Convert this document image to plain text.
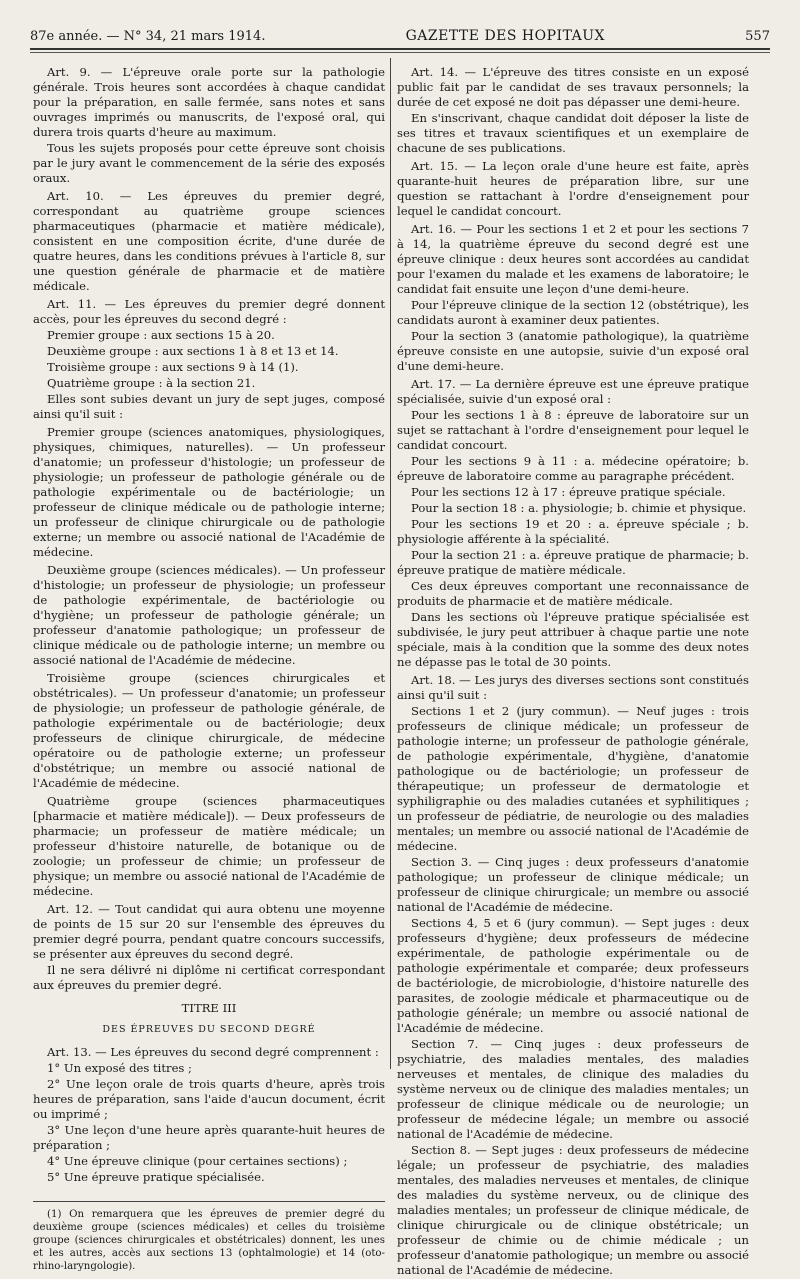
87e année. — N° 34, 21 mars 1914.	GAZETTE DES HOPITAUX	557

Art. 9. — L'épreuve orale porte sur la pathologie générale. Trois heures sont accordées à chaque candidat pour la préparation, en salle fermée, sans notes et sans ouvrages imprimés ou manuscrits, de l'exposé oral, qui durera trois quarts d'heure au maximum.

Tous les sujets proposés pour cette épreuve sont choisis par le jury avant le commencement de la série des exposés oraux.

Art. 10. — Les épreuves du premier degré, correspondant au quatrième groupe sciences pharmaceutiques (pharmacie et matière médicale), consistent en une composition écrite, d'une durée de quatre heures, dans les conditions prévues à l'article 8, sur une question générale de pharmacie et de matière médicale.

Art. 11. — Les épreuves du premier degré donnent accès, pour les épreuves du second degré :

Premier groupe : aux sections 15 à 20.

Deuxième groupe : aux sections 1 à 8 et 13 et 14.

Troisième groupe : aux sections 9 à 14 (1).

Quatrième groupe : à la section 21.

Elles sont subies devant un jury de sept juges, composé ainsi qu'il suit :

Premier groupe (sciences anatomiques, physiologiques, physiques, chimiques, naturelles). — Un professeur d'anatomie; un professeur d'histologie; un professeur de physiologie; un professeur de pathologie générale ou de pathologie expérimentale ou de bactériologie; un professeur de clinique médicale ou de pathologie interne; un professeur de clinique chirurgicale ou de pathologie externe; un membre ou associé national de l'Académie de médecine.

Deuxième groupe (sciences médicales). — Un professeur d'histologie; un professeur de physiologie; un professeur de pathologie expérimentale, de bactériologie ou d'hygiène; un professeur de pathologie générale; un professeur d'anatomie pathologique; un professeur de clinique médicale ou de pathologie interne; un membre ou associé national de l'Académie de médecine.

Troisième groupe (sciences chirurgicales et obstétricales). — Un professeur d'anatomie; un professeur de physiologie; un professeur de pathologie générale, de pathologie expérimentale ou de bactériologie; deux professeurs de clinique chirurgicale, de médecine opératoire ou de pathologie externe; un professeur d'obstétrique; un membre ou associé national de l'Académie de médecine.

Quatrième groupe (sciences pharmaceutiques [pharmacie et matière médicale]). — Deux professeurs de pharmacie; un professeur de matière médicale; un professeur d'histoire naturelle, de botanique ou de zoologie; un professeur de chimie; un professeur de physique; un membre ou associé national de l'Académie de médecine.

Art. 12. — Tout candidat qui aura obtenu une moyenne de points de 15 sur 20 sur l'ensemble des épreuves du premier degré pourra, pendant quatre concours successifs, se présenter aux épreuves du second degré.

Il ne sera délivré ni diplôme ni certificat correspondant aux épreuves du premier degré.

TITRE III

DES ÉPREUVES DU SECOND DEGRÉ

Art. 13. — Les épreuves du second degré comprennent :

1° Un exposé des titres ;

2° Une leçon orale de trois quarts d'heure, après trois heures de préparation, sans l'aide d'aucun document, écrit ou imprimé ;

3° Une leçon d'une heure après quarante-huit heures de préparation ;

4° Une épreuve clinique (pour certaines sections) ;

5° Une épreuve pratique spécialisée.

(1) On remarquera que les épreuves de premier degré du deuxième groupe (sciences médicales) et celles du troisième groupe (sciences chirurgicales et obstétricales) donnent, les unes et les autres, accès aux sections 13 (ophtalmologie) et 14 (oto-rhino-laryngologie).

Art. 14. — L'épreuve des titres consiste en un exposé public fait par le candidat de ses travaux personnels; la durée de cet exposé ne doit pas dépasser une demi-heure.

En s'inscrivant, chaque candidat doit déposer la liste de ses titres et travaux scientifiques et un exemplaire de chacune de ses publications.

Art. 15. — La leçon orale d'une heure est faite, après quarante-huit heures de préparation libre, sur une question se rattachant à l'ordre d'enseignement pour lequel le candidat concourt.

Art. 16. — Pour les sections 1 et 2 et pour les sections 7 à 14, la quatrième épreuve du second degré est une épreuve clinique : deux heures sont accordées au candidat pour l'examen du malade et les examens de laboratoire; le candidat fait ensuite une leçon d'une demi-heure.

Pour l'épreuve clinique de la section 12 (obstétrique), les candidats auront à examiner deux patientes.

Pour la section 3 (anatomie pathologique), la quatrième épreuve consiste en une autopsie, suivie d'un exposé oral d'une demi-heure.

Art. 17. — La dernière épreuve est une épreuve pratique spécialisée, suivie d'un exposé oral :

Pour les sections 1 à 8 : épreuve de laboratoire sur un sujet se rattachant à l'ordre d'enseignement pour lequel le candidat concourt.

Pour les sections 9 à 11 : a. médecine opératoire; b. épreuve de laboratoire comme au paragraphe précédent.

Pour les sections 12 à 17 : épreuve pratique spéciale.

Pour la section 18 : a. physiologie; b. chimie et physique.

Pour les sections 19 et 20 : a. épreuve spéciale ; b. physiologie afférente à la spécialité.

Pour la section 21 : a. épreuve pratique de pharmacie; b. épreuve pratique de matière médicale.

Ces deux épreuves comportant une reconnaissance de produits de pharmacie et de matière médicale.

Dans les sections où l'épreuve pratique spécialisée est subdivisée, le jury peut attribuer à chaque partie une note spéciale, mais à la condition que la somme des deux notes ne dépasse pas le total de 30 points.

Art. 18. — Les jurys des diverses sections sont constitués ainsi qu'il suit :

Sections 1 et 2 (jury commun). — Neuf juges : trois professeurs de clinique médicale; un professeur de pathologie interne; un professeur de pathologie générale, de pathologie expérimentale, d'hygiène, d'anatomie pathologique ou de bactériologie; un professeur de thérapeutique; un professeur de dermatologie et syphiligraphie ou des maladies cutanées et syphilitiques ; un professeur de pédiatrie, de neurologie ou des maladies mentales; un membre ou associé national de l'Académie de médecine.

Section 3. — Cinq juges : deux professeurs d'anatomie pathologique; un professeur de clinique médicale; un professeur de clinique chirurgicale; un membre ou associé national de l'Académie de médecine.

Sections 4, 5 et 6 (jury commun). — Sept juges : deux professeurs d'hygiène; deux professeurs de médecine expérimentale, de pathologie expérimentale ou de pathologie expérimentale et comparée; deux professeurs de bactériologie, de microbiologie, d'histoire naturelle des parasites, de zoologie médicale et pharmaceutique ou de pathologie générale; un membre ou associé national de l'Académie de médecine.

Section 7. — Cinq juges : deux professeurs de psychiatrie, des maladies mentales, des maladies nerveuses et mentales, de clinique des maladies du système nerveux ou de clinique des maladies mentales; un professeur de clinique médicale ou de neurologie; un professeur de médecine légale; un membre ou associé national de l'Académie de médecine.

Section 8. — Sept juges : deux professeurs de médecine légale; un professeur de psychiatrie, des maladies mentales, des maladies nerveuses et mentales, de clinique des maladies du système nerveux, ou de clinique des maladies mentales; un professeur de clinique médicale, de clinique chirurgicale ou de clinique obstétricale; un professeur de chimie ou de chimie médicale ; un professeur d'anatomie pathologique; un membre ou associé national de l'Académie de médecine.
